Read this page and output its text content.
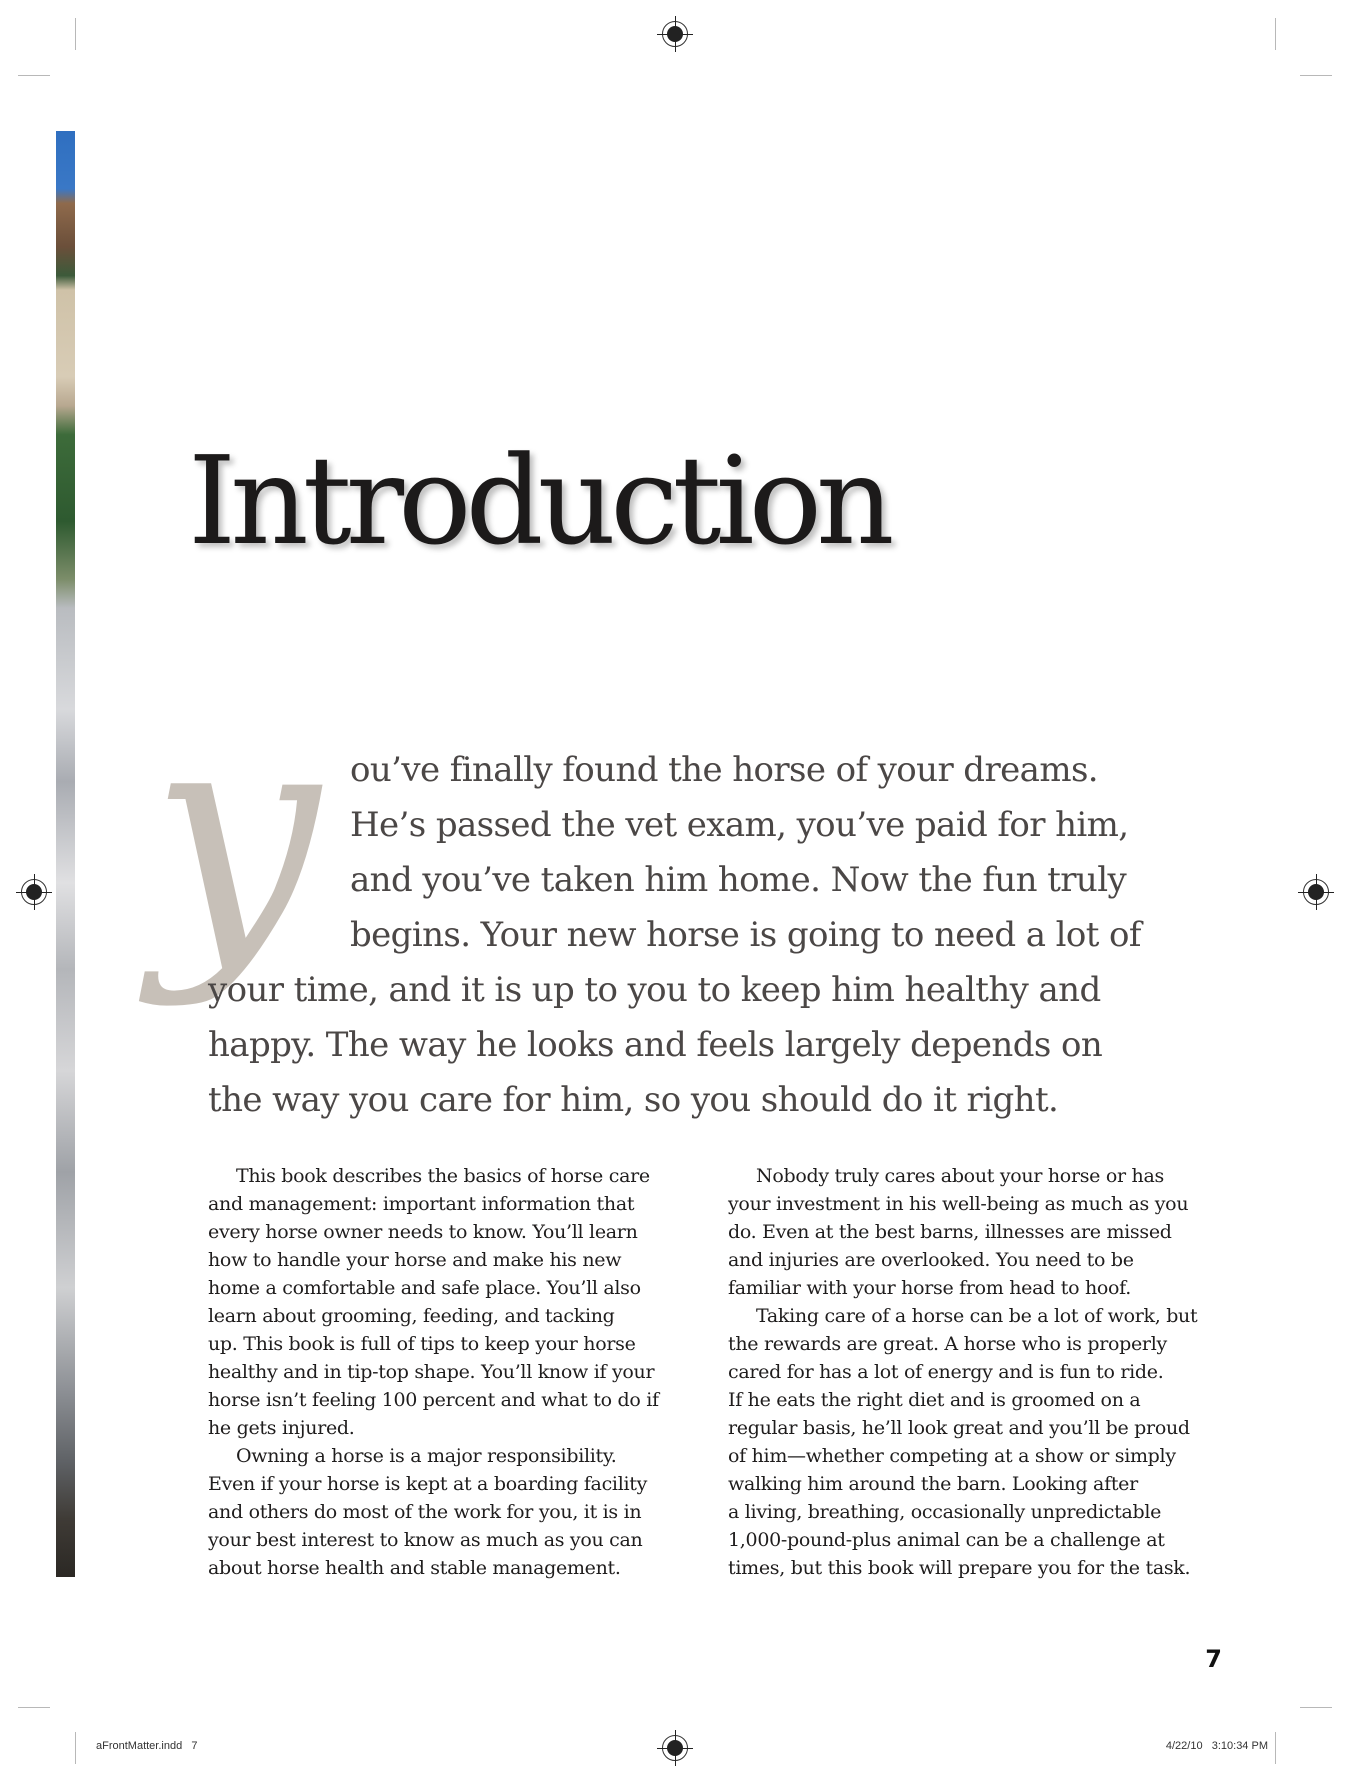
Introduction
y ou’ve finally found the horse of your dreams.

He’s passed the vet exam, you’ve paid for him,

and you’ve taken him home. Now the fun truly

begins. Your new horse is going to need a lot of

your time, and it is up to you to keep him healthy and

happy. The way he looks and feels largely depends on

the way you care for him, so you should do it right.

This book describes the basics of horse care

and management: important information that

every horse owner needs to know. You’ll learn

how to handle your horse and make his new

home a comfortable and safe place. You’ll also

learn about grooming, feeding, and tacking

up. This book is full of tips to keep your horse

healthy and in tip-top shape. You’ll know if your

horse isn’t feeling 100 percent and what to do if

he gets injured.

Owning a horse is a major responsibility.

Even if your horse is kept at a boarding facility

and others do most of the work for you, it is in

your best interest to know as much as you can

about horse health and stable management.

Nobody truly cares about your horse or has

your investment in his well-being as much as you

do. Even at the best barns, illnesses are missed

and injuries are overlooked. You need to be

familiar with your horse from head to hoof.

Taking care of a horse can be a lot of work, but

the rewards are great. A horse who is properly

cared for has a lot of energy and is fun to ride.

If he eats the right diet and is groomed on a

regular basis, he’ll look great and you’ll be proud

of him—whether competing at a show or simply

walking him around the barn. Looking after

a living, breathing, occasionally unpredictable

1,000-pound-plus animal can be a challenge at

times, but this book will prepare you for the task.

7
aFrontMatter.indd   7	4/22/10   3:10:34 PM
